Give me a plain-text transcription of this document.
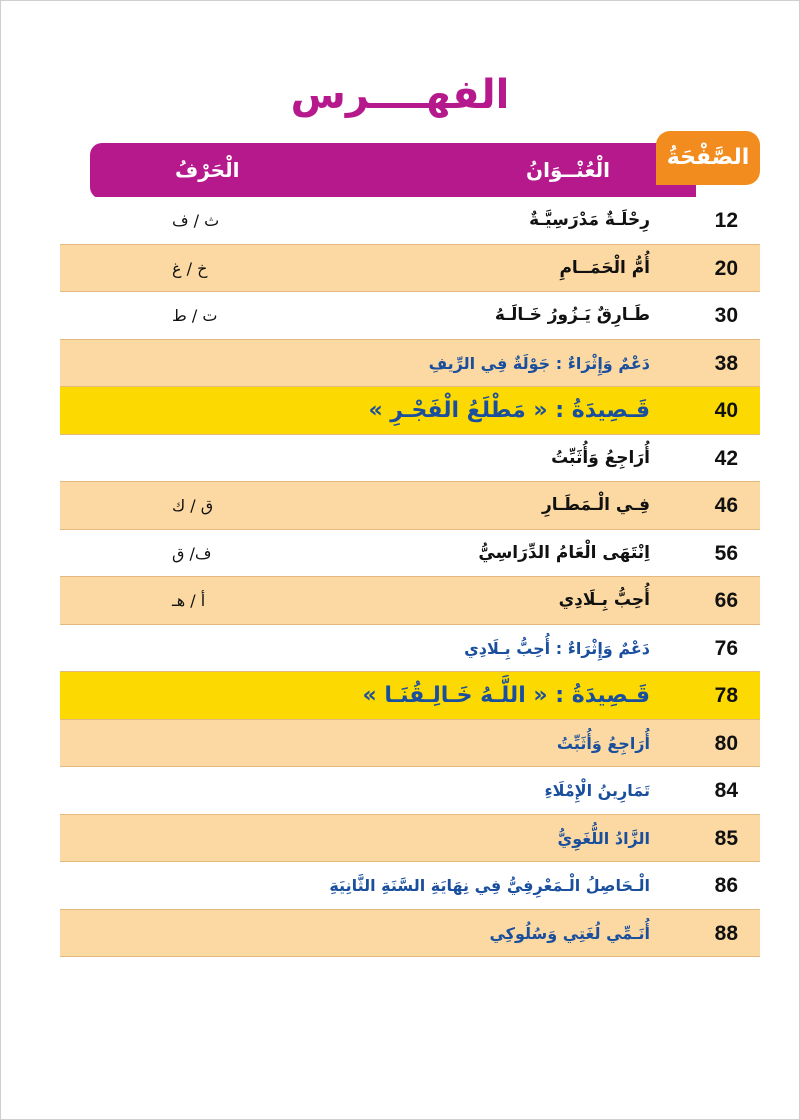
الفهــــرس
الْعُنْــوَانُ
الْحَرْفُ	الصَّفْحَةُ
12
رِحْلَـةٌ مَدْرَسِيَّـةٌ
ث / ف
20
أُمُّ الْحَمَــامِ
خ / غ
30
طَـارِقٌ يَـزُورُ خَـالَـهُ
ت / ط
38
دَعْمٌ وَإِثْرَاءٌ : جَوْلَةٌ فِي الرِّيفِ
40
قَـصِيدَةُ : « مَطْلَعُ الْفَجْـرِ »
42
أُرَاجِعُ وَأُثَبِّتُ
46
فِـي الْـمَطَـارِ
ق / ك
56
اِنْتَهَى الْعَامُ الدِّرَاسِيُّ
ف/ ق
66
أُحِبُّ بِـلَادِي
أ / هـ
76
دَعْمٌ وَإِثْرَاءٌ : أُحِبُّ بِـلَادِي
78
قَـصِيدَةُ : « اللَّـهُ خَـالِـقُنَـا »
80
أُرَاجِعُ وَأُثَبِّتُ
84
تَمَارِينُ الْإِمْلَاءِ
85
الزَّادُ اللُّغَوِيُّ
86
الْـحَاصِلُ الْـمَعْرِفِيُّ فِي نِهَايَةِ السَّنَةِ الثَّانِيَةِ
88
أُنَـمِّي لُغَتِي وَسُلُوكِي
